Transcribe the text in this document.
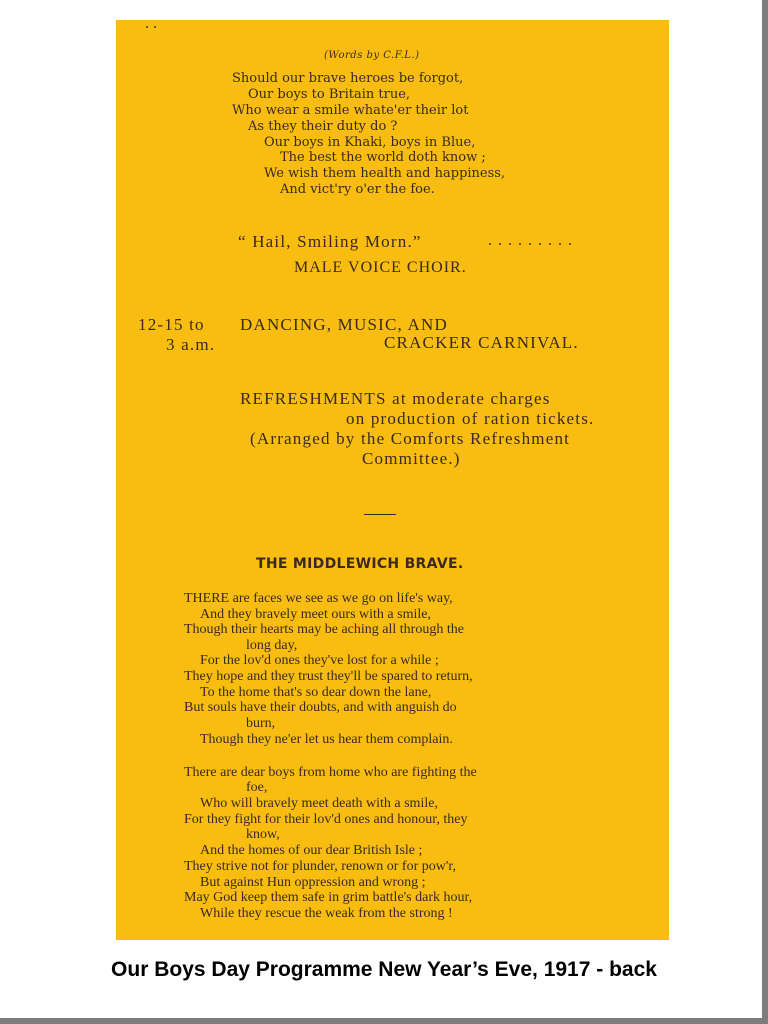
(Words by C.F.L.)
Should our brave heroes be forgot,
Our boys to Britain true,
Who wear a smile whate'er their lot
As they their duty do ?
Our boys in Khaki, boys in Blue,
The best the world doth know ;
We wish them health and happiness,
And vict'ry o'er the foe.
“ Hail, Smiling Morn.”	. . . . . . . . .
MALE VOICE CHOIR.
12-15 to
3 a.m.
DANCING, MUSIC, AND
CRACKER CARNIVAL.
REFRESHMENTS at moderate charges
on production of ration tickets.
(Arranged by the Comforts Refreshment
Committee.)
THE MIDDLEWICH BRAVE.
THERE are faces we see as we go on life's way,
And they bravely meet ours with a smile,
Though their hearts may be aching all through the
long day,
For the lov'd ones they've lost for a while ;
They hope and they trust they'll be spared to return,
To the home that's so dear down the lane,
But souls have their doubts, and with anguish do
burn,
Though they ne'er let us hear them complain.
There are dear boys from home who are fighting the
foe,
Who will bravely meet death with a smile,
For they fight for their lov'd ones and honour, they
know,
And the homes of our dear British Isle ;
They strive not for plunder, renown or for pow'r,
But against Hun oppression and wrong ;
May God keep them safe in grim battle's dark hour,
While they rescue the weak from the strong !
Our Boys Day Programme New Year’s Eve, 1917 - back
